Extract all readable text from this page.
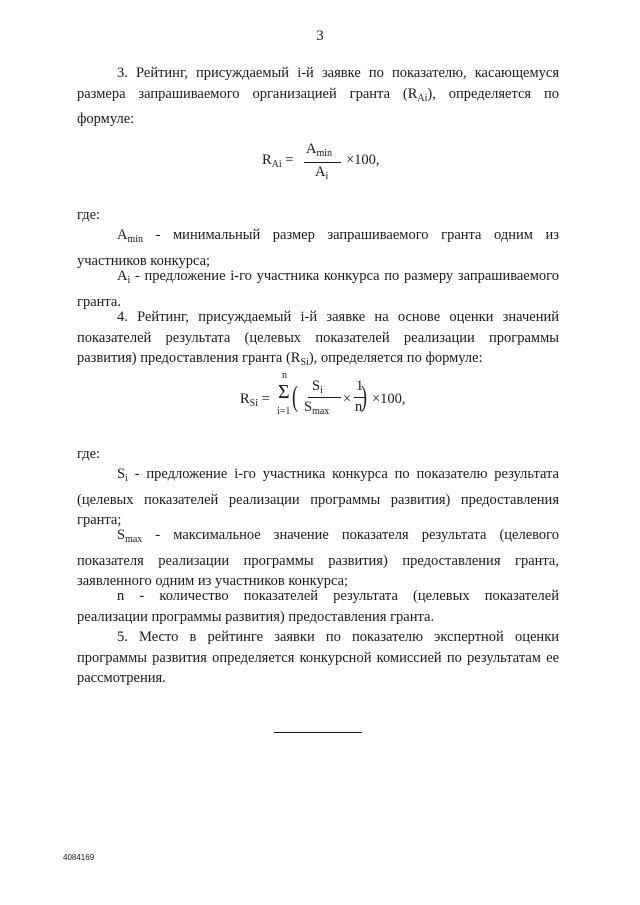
3
3. Рейтинг, присуждаемый i-й заявке по показателю, касающемуся размера запрашиваемого организацией гранта $(R_{Ai})$, определяется по формуле:
$R_{Ai}$ =
$A_{min}$
$A_i$
×100,
где:
$A_{min}$ - минимальный размер запрашиваемого гранта одним из участников конкурса;
$A_i$ - предложение i-го участника конкурса по размеру запрашиваемого гранта.
4. Рейтинг, присуждаемый i-й заявке на основе оценки значений показателей результата (целевых показателей реализации программы развития) предоставления гранта $(R_{Si})$, определяется по формуле:
$R_{Si}$ =
n
Σ
i=1 ( $S_i$
$S_{max}$
×
1
n
) ×100,
где:
$S_i$ - предложение i-го участника конкурса по показателю результата (целевых показателей реализации программы развития) предоставления гранта;
$S_{max}$ - максимальное значение показателя результата (целевого показателя реализации программы развития) предоставления гранта, заявленного одним из участников конкурса;
n - количество показателей результата (целевых показателей реализации программы развития) предоставления гранта.
5. Место в рейтинге заявки по показателю экспертной оценки программы развития определяется конкурсной комиссией по результатам ее рассмотрения.
4084169
